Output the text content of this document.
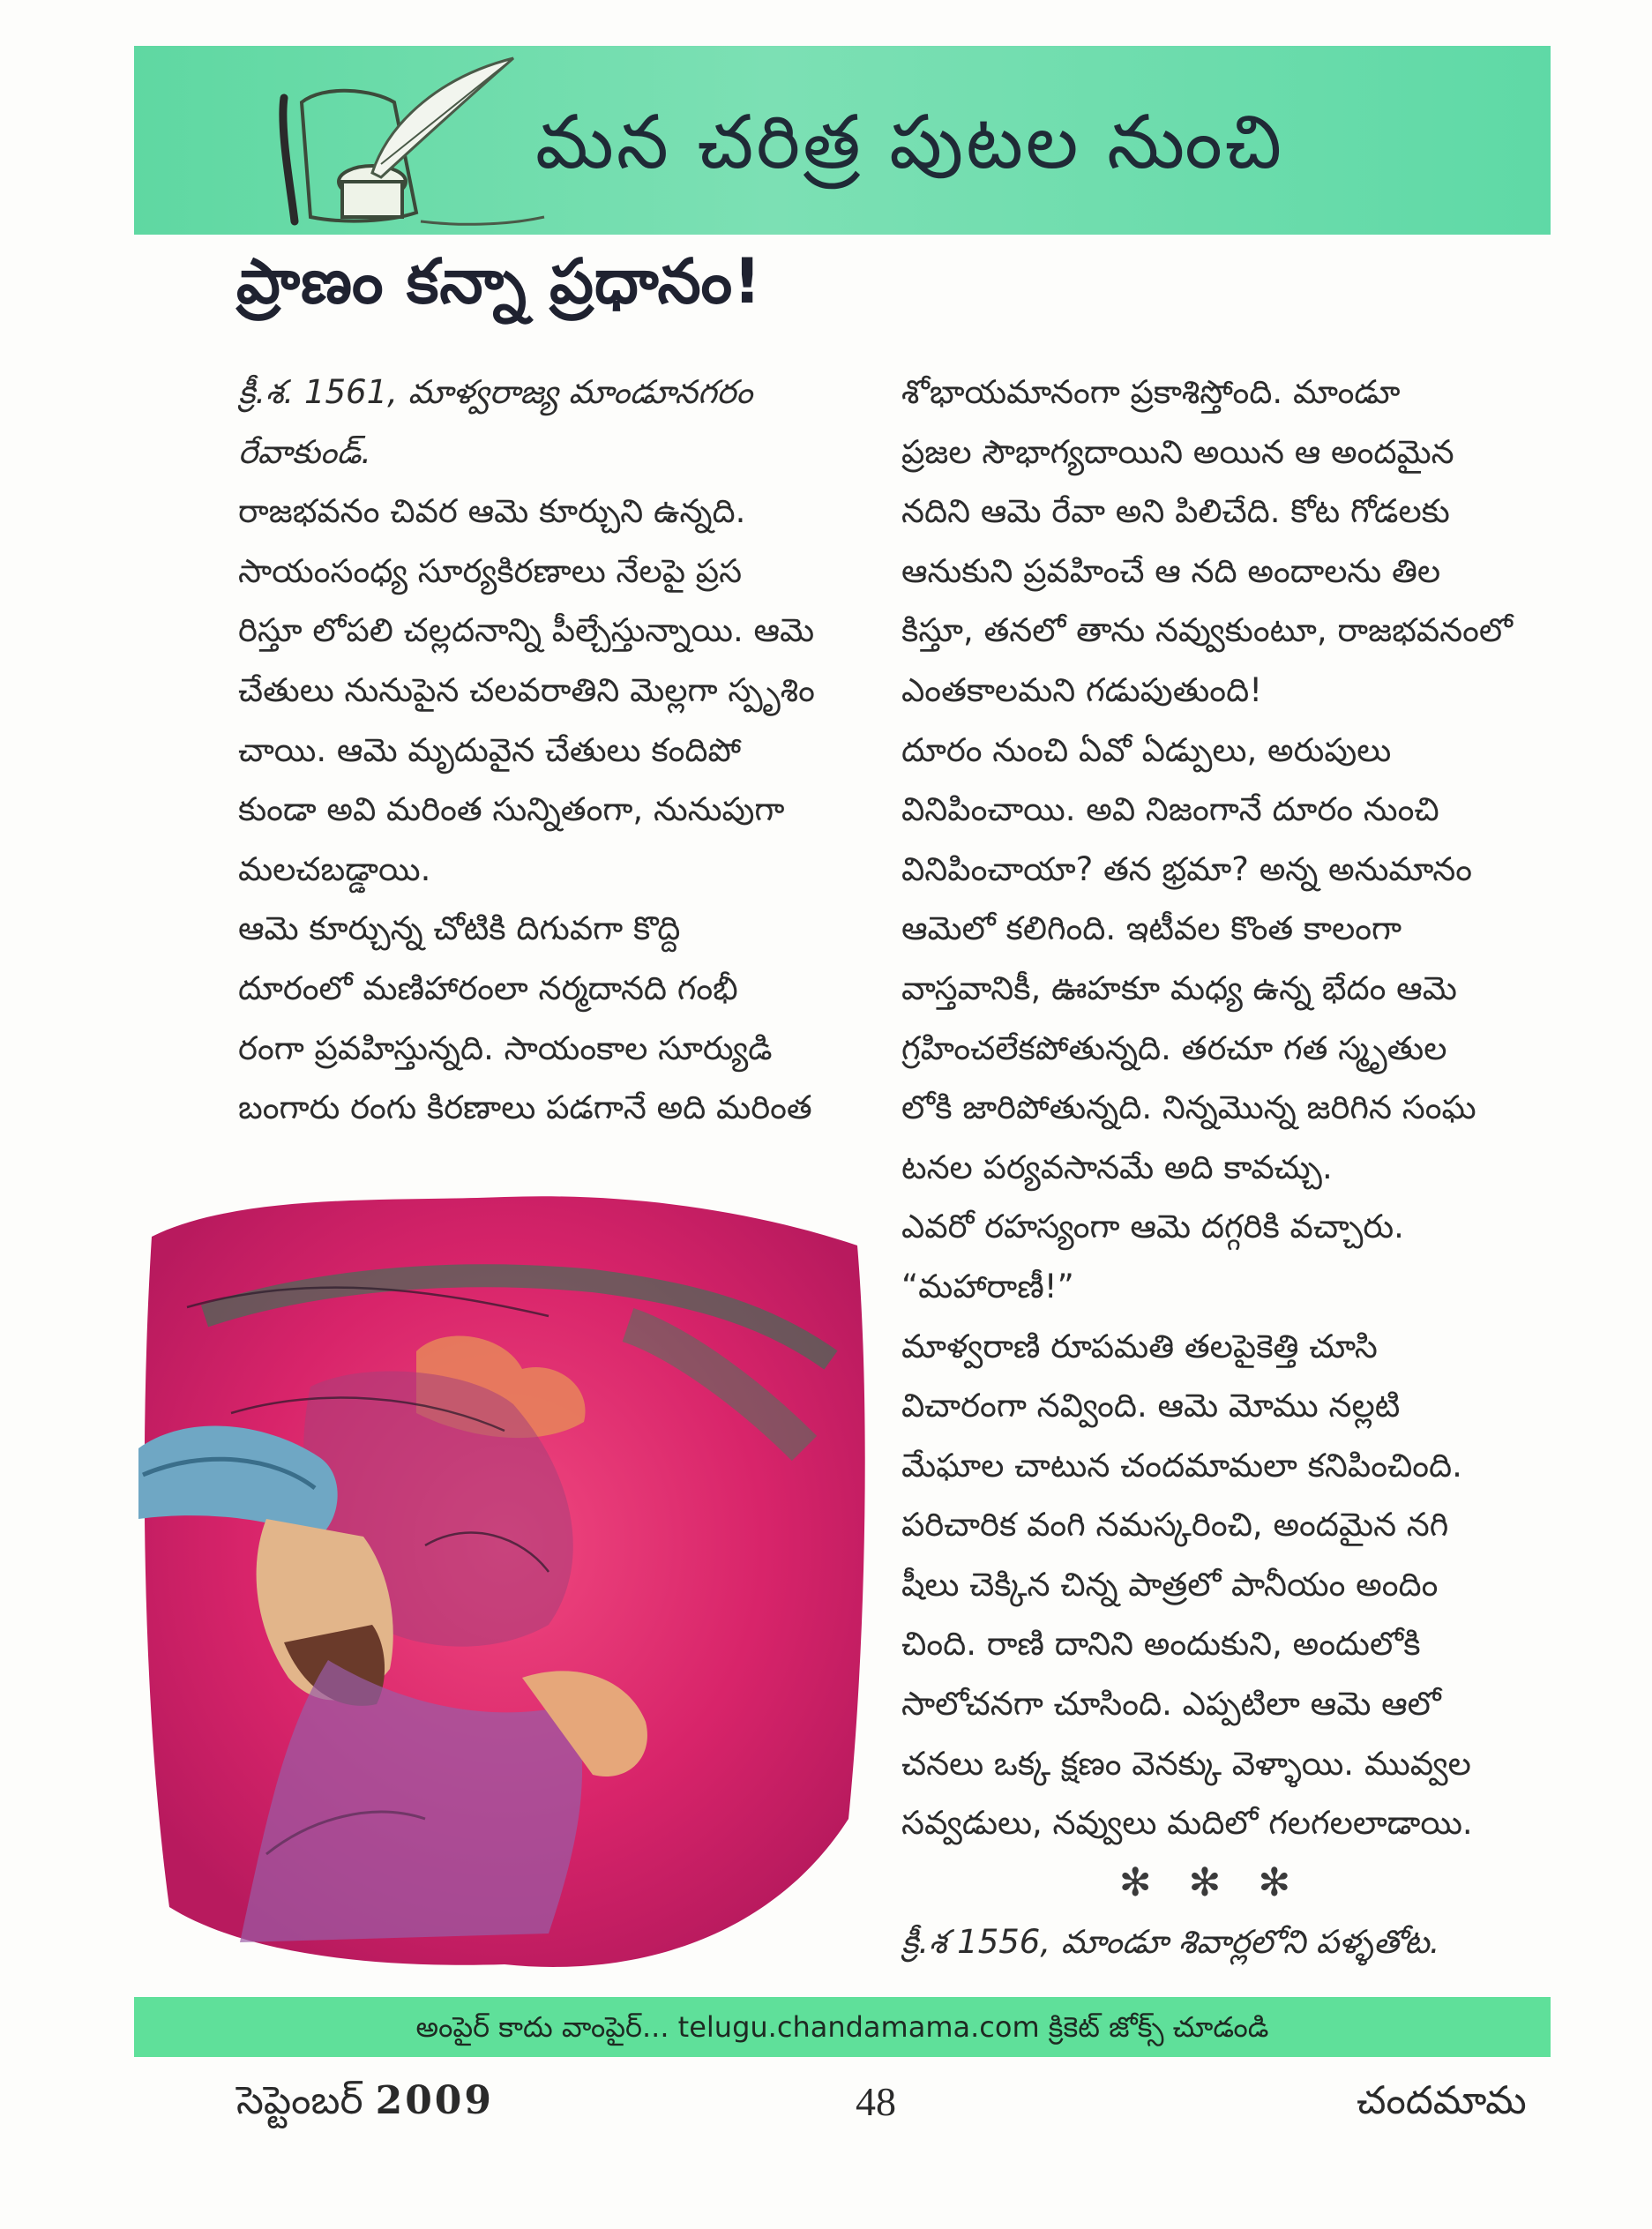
మన చరిత్ర పుటల నుంచి
ప్రాణం కన్నా ప్రధానం!
క్రీ.శ. 1561, మాళ్వరాజ్య మాండూనగరం
రేవాకుండ్.
రాజభవనం చివర ఆమె కూర్చుని ఉన్నది.
సాయంసంధ్య సూర్యకిరణాలు నేలపై ప్రస
రిస్తూ లోపలి చల్లదనాన్ని పీల్చేస్తున్నాయి. ఆమె
చేతులు నునుపైన చలవరాతిని మెల్లగా స్పృశిం
చాయి. ఆమె మృదువైన చేతులు కందిపో
కుండా అవి మరింత సున్నితంగా, నునుపుగా
మలచబడ్డాయి.
ఆమె కూర్చున్న చోటికి దిగువగా కొద్ది
దూరంలో మణిహారంలా నర్మదానది గంభీ
రంగా ప్రవహిస్తున్నది. సాయంకాల సూర్యుడి
బంగారు రంగు కిరణాలు పడగానే అది మరింత
శోభాయమానంగా ప్రకాశిస్తోంది. మాండూ
ప్రజల సౌభాగ్యదాయిని అయిన ఆ అందమైన
నదిని ఆమె రేవా అని పిలిచేది. కోట గోడలకు
ఆనుకుని ప్రవహించే ఆ నది అందాలను తిల
కిస్తూ, తనలో తాను నవ్వుకుంటూ, రాజభవనంలో
ఎంతకాలమని గడుపుతుంది!
దూరం నుంచి ఏవో ఏడ్పులు, అరుపులు
వినిపించాయి. అవి నిజంగానే దూరం నుంచి
వినిపించాయా? తన భ్రమా? అన్న అనుమానం
ఆమెలో కలిగింది. ఇటీవల కొంత కాలంగా
వాస్తవానికీ, ఊహకూ మధ్య ఉన్న భేదం ఆమె
గ్రహించలేకపోతున్నది. తరచూ గత స్మృతుల
లోకి జారిపోతున్నది. నిన్నమొన్న జరిగిన సంఘ
టనల పర్యవసానమే అది కావచ్చు.
ఎవరో రహస్యంగా ఆమె దగ్గరికి వచ్చారు.
“మహారాణీ!”
మాళ్వరాణి రూపమతి తలపైకెత్తి చూసి
విచారంగా నవ్వింది. ఆమె మోము నల్లటి
మేఘాల చాటున చందమామలా కనిపించింది.
పరిచారిక వంగి నమస్కరించి, అందమైన నగి
షీలు చెక్కిన చిన్న పాత్రలో పానీయం అందిం
చింది. రాణి దానిని అందుకుని, అందులోకి
సాలోచనగా చూసింది. ఎప్పటిలా ఆమె ఆలో
చనలు ఒక్క క్షణం వెనక్కు వెళ్ళాయి. మువ్వల
సవ్వడులు, నవ్వులు మదిలో గలగలలాడాయి.
✻ ✻ ✻
క్రీ.శ 1556, మాండూ శివార్లలోని పళ్ళతోట.
అంపైర్ కాదు వాంపైర్... telugu.chandamama.com క్రికెట్ జోక్స్ చూడండి
సెప్టెంబర్ 2009	48	చందమామ
